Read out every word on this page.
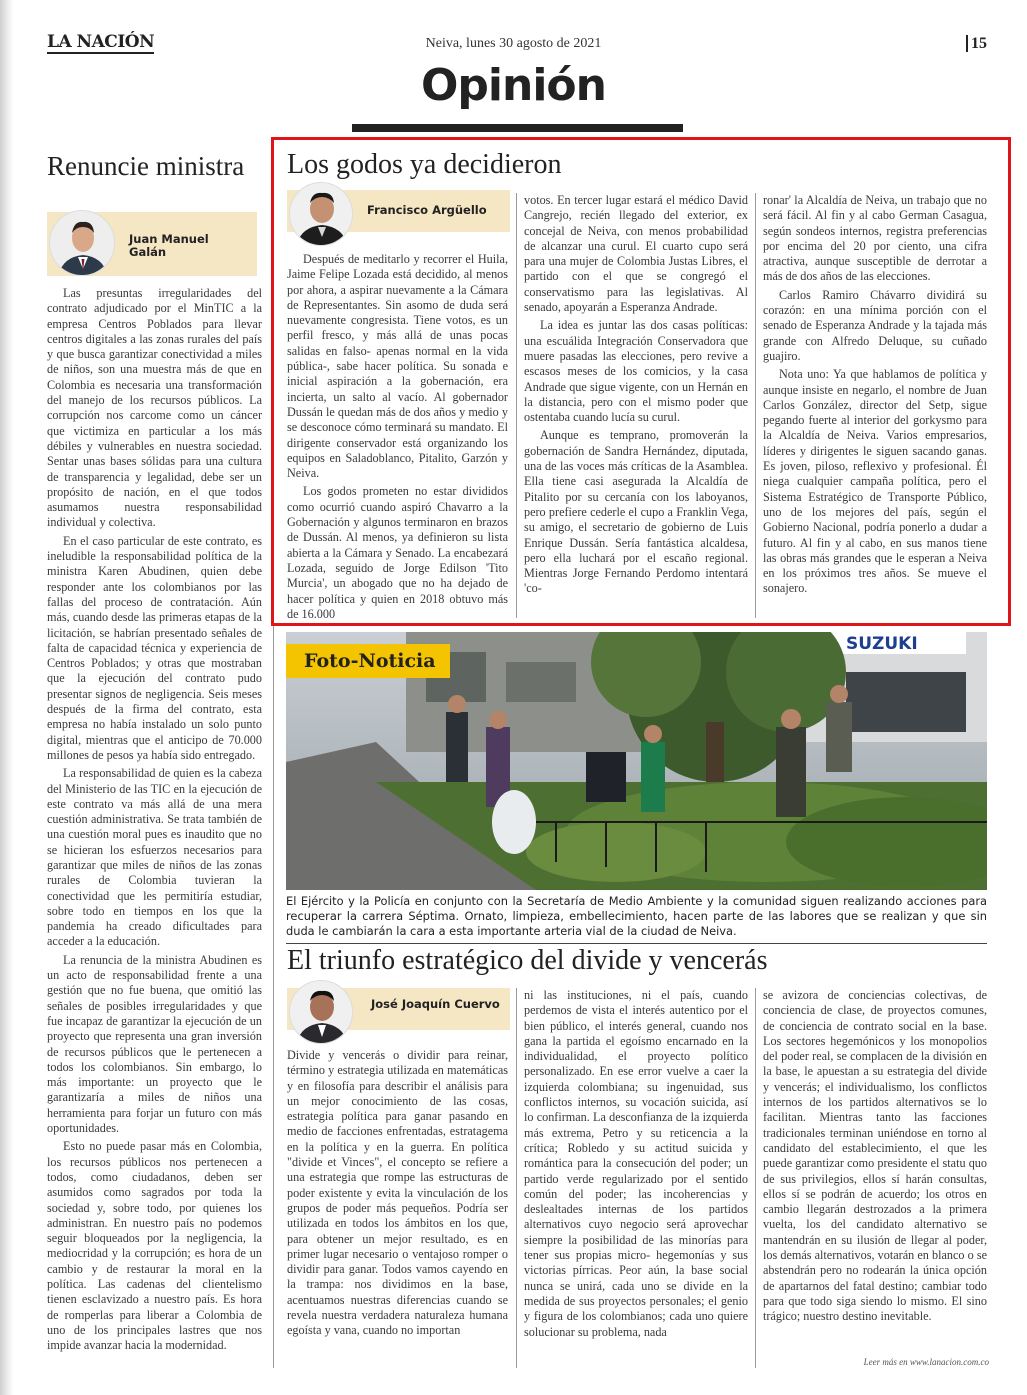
LA NACIÓN	Neiva, lunes 30 agosto de 2021	15
Opinión
Renuncie ministra
Juan Manuel Galán

Las presuntas irregularidades del contrato adjudicado por el MinTIC a la empresa Centros Poblados para llevar centros digitales a las zonas rurales del país y que busca garantizar conectividad a miles de niños, son una muestra más de que en Colombia es necesaria una transformación del manejo de los recursos públicos. La corrupción nos carcome como un cáncer que victimiza en particular a los más débiles y vulnerables en nuestra sociedad. Sentar unas bases sólidas para una cultura de transparencia y legalidad, debe ser un propósito de nación, en el que todos asumamos nuestra responsabilidad individual y colectiva.

En el caso particular de este contrato, es ineludible la responsabilidad política de la ministra Karen Abudinen, quien debe responder ante los colombianos por las fallas del proceso de contratación. Aún más, cuando desde las primeras etapas de la licitación, se habrían presentado señales de falta de capacidad técnica y experiencia de Centros Poblados; y otras que mostraban que la ejecución del contrato pudo presentar signos de negligencia. Seis meses después de la firma del contrato, esta empresa no había instalado un solo punto digital, mientras que el anticipo de 70.000 millones de pesos ya había sido entregado.

La responsabilidad de quien es la cabeza del Ministerio de las TIC en la ejecución de este contrato va más allá de una mera cuestión administrativa. Se trata también de una cuestión moral pues es inaudito que no se hicieran los esfuerzos necesarios para garantizar que miles de niños de las zonas rurales de Colombia tuvieran la conectividad que les permitiría estudiar, sobre todo en tiempos en los que la pandemia ha creado dificultades para acceder a la educación.

La renuncia de la ministra Abudinen es un acto de responsabilidad frente a una gestión que no fue buena, que omitió las señales de posibles irregularidades y que fue incapaz de garantizar la ejecución de un proyecto que representa una gran inversión de recursos públicos que le pertenecen a todos los colombianos. Sin embargo, lo más importante: un proyecto que le garantizaría a miles de niños una herramienta para forjar un futuro con más oportunidades.

Esto no puede pasar más en Colombia, los recursos públicos nos pertenecen a todos, como ciudadanos, deben ser asumidos como sagrados por toda la sociedad y, sobre todo, por quienes los administran. En nuestro país no podemos seguir bloqueados por la negligencia, la mediocridad y la corrupción; es hora de un cambio y de restaurar la moral en la política. Las cadenas del clientelismo tienen esclavizado a nuestro país. Es hora de romperlas para liberar a Colombia de uno de los principales lastres que nos impide avanzar hacia la modernidad.

Los godos ya decidieron
Francisco Argüello

Después de meditarlo y recorrer el Huila, Jaime Felipe Lozada está decidido, al menos por ahora, a aspirar nuevamente a la Cámara de Representantes. Sin asomo de duda será nuevamente congresista. Tiene votos, es un perfil fresco, y más allá de unas pocas salidas en falso- apenas normal en la vida pública-, sabe hacer política. Su sonada e inicial aspiración a la gobernación, era incierta, un salto al vacío. Al gobernador Dussán le quedan más de dos años y medio y se desconoce cómo terminará su mandato. El dirigente conservador está organizando los equipos en Saladoblanco, Pitalito, Garzón y Neiva.

Los godos prometen no estar divididos como ocurrió cuando aspiró Chavarro a la Gobernación y algunos terminaron en brazos de Dussán. Al menos, ya definieron su lista abierta a la Cámara y Senado. La encabezará Lozada, seguido de Jorge Edilson 'Tito Murcia', un abogado que no ha dejado de hacer política y quien en 2018 obtuvo más de 16.000

votos. En tercer lugar estará el médico David Cangrejo, recién llegado del exterior, ex concejal de Neiva, con menos probabilidad de alcanzar una curul. El cuarto cupo será para una mujer de Colombia Justas Libres, el partido con el que se congregó el conservatismo para las legislativas. Al senado, apoyarán a Esperanza Andrade.

La idea es juntar las dos casas políticas: una escuálida Integración Conservadora que muere pasadas las elecciones, pero revive a escasos meses de los comicios, y la casa Andrade que sigue vigente, con un Hernán en la distancia, pero con el mismo poder que ostentaba cuando lucía su curul.

Aunque es temprano, promoverán la gobernación de Sandra Hernández, diputada, una de las voces más críticas de la Asamblea. Ella tiene casi asegurada la Alcaldía de Pitalito por su cercanía con los laboyanos, pero prefiere cederle el cupo a Franklin Vega, su amigo, el secretario de gobierno de Luis Enrique Dussán. Sería fantástica alcaldesa, pero ella luchará por el escaño regional. Mientras Jorge Fernando Perdomo intentará 'co-

ronar' la Alcaldía de Neiva, un trabajo que no será fácil. Al fin y al cabo German Casagua, según sondeos internos, registra preferencias por encima del 20 por ciento, una cifra atractiva, aunque susceptible de derrotar a más de dos años de las elecciones.

Carlos Ramiro Chávarro dividirá su corazón: en una mínima porción con el senado de Esperanza Andrade y la tajada más grande con Alfredo Deluque, su cuñado guajiro.

Nota uno: Ya que hablamos de política y aunque insiste en negarlo, el nombre de Juan Carlos González, director del Setp, sigue pegando fuerte al interior del gorkysmo para la Alcaldía de Neiva. Varios empresarios, líderes y dirigentes le siguen sacando ganas. Es joven, piloso, reflexivo y profesional. Él niega cualquier campaña política, pero el Sistema Estratégico de Transporte Público, uno de los mejores del país, según el Gobierno Nacional, podría ponerlo a dudar a futuro. Al fin y al cabo, en sus manos tiene las obras más grandes que le esperan a Neiva en los próximos tres años. Se mueve el sonajero.

SUZUKI
Foto-Noticia
El Ejército y la Policía en conjunto con la Secretaría de Medio Ambiente y la comunidad siguen realizando acciones para recuperar la carrera Séptima. Ornato, limpieza, embellecimiento, hacen parte de las labores que se realizan y que sin duda le cambiarán la cara a esta importante arteria vial de la ciudad de Neiva.
El triunfo estratégico del divide y vencerás
José Joaquín Cuervo

Divide y vencerás o dividir para reinar, término y estrategia utilizada en matemáticas y en filosofía para describir el análisis para un mejor conocimiento de las cosas, estrategia política para ganar pasando en medio de facciones enfrentadas, estratagema en la política y en la guerra. En política "divide et Vinces", el concepto se refiere a una estrategia que rompe las estructuras de poder existente y evita la vinculación de los grupos de poder más pequeños. Podría ser utilizada en todos los ámbitos en los que, para obtener un mejor resultado, es en primer lugar necesario o ventajoso romper o dividir para ganar. Todos vamos cayendo en la trampa: nos dividimos en la base, acentuamos nuestras diferencias cuando se revela nuestra verdadera naturaleza humana egoísta y vana, cuando no importan

ni las instituciones, ni el país, cuando perdemos de vista el interés autentico por el bien público, el interés general, cuando nos gana la partida el egoísmo encarnado en la individualidad, el proyecto político personalizado. En ese error vuelve a caer la izquierda colombiana; su ingenuidad, sus conflictos internos, su vocación suicida, así lo confirman. La desconfianza de la izquierda más extrema, Petro y su reticencia a la crítica; Robledo y su actitud suicida y romántica para la consecución del poder; un partido verde regularizado por el sentido común del poder; las incoherencias y deslealtades internas de los partidos alternativos cuyo negocio será aprovechar siempre la posibilidad de las minorías para tener sus propias micro- hegemonías y sus victorias pírricas. Peor aún, la base social nunca se unirá, cada uno se divide en la medida de sus proyectos personales; el genio y figura de los colombianos; cada uno quiere solucionar su problema, nada

se avizora de conciencias colectivas, de conciencia de clase, de proyectos comunes, de conciencia de contrato social en la base. Los sectores hegemónicos y los monopolios del poder real, se complacen de la división en la base, le apuestan a su estrategia del divide y vencerás; el individualismo, los conflictos internos de los partidos alternativos se lo facilitan. Mientras tanto las facciones tradicionales terminan uniéndose en torno al candidato del establecimiento, el que les puede garantizar como presidente el statu quo de sus privilegios, ellos sí harán consultas, ellos sí se podrán de acuerdo; los otros en cambio llegarán destrozados a la primera vuelta, los del candidato alternativo se mantendrán en su ilusión de llegar al poder, los demás alternativos, votarán en blanco o se abstendrán pero no rodearán la única opción de apartarnos del fatal destino; cambiar todo para que todo siga siendo lo mismo. El sino trágico; nuestro destino inevitable.

Leer más en www.lanacion.com.co
